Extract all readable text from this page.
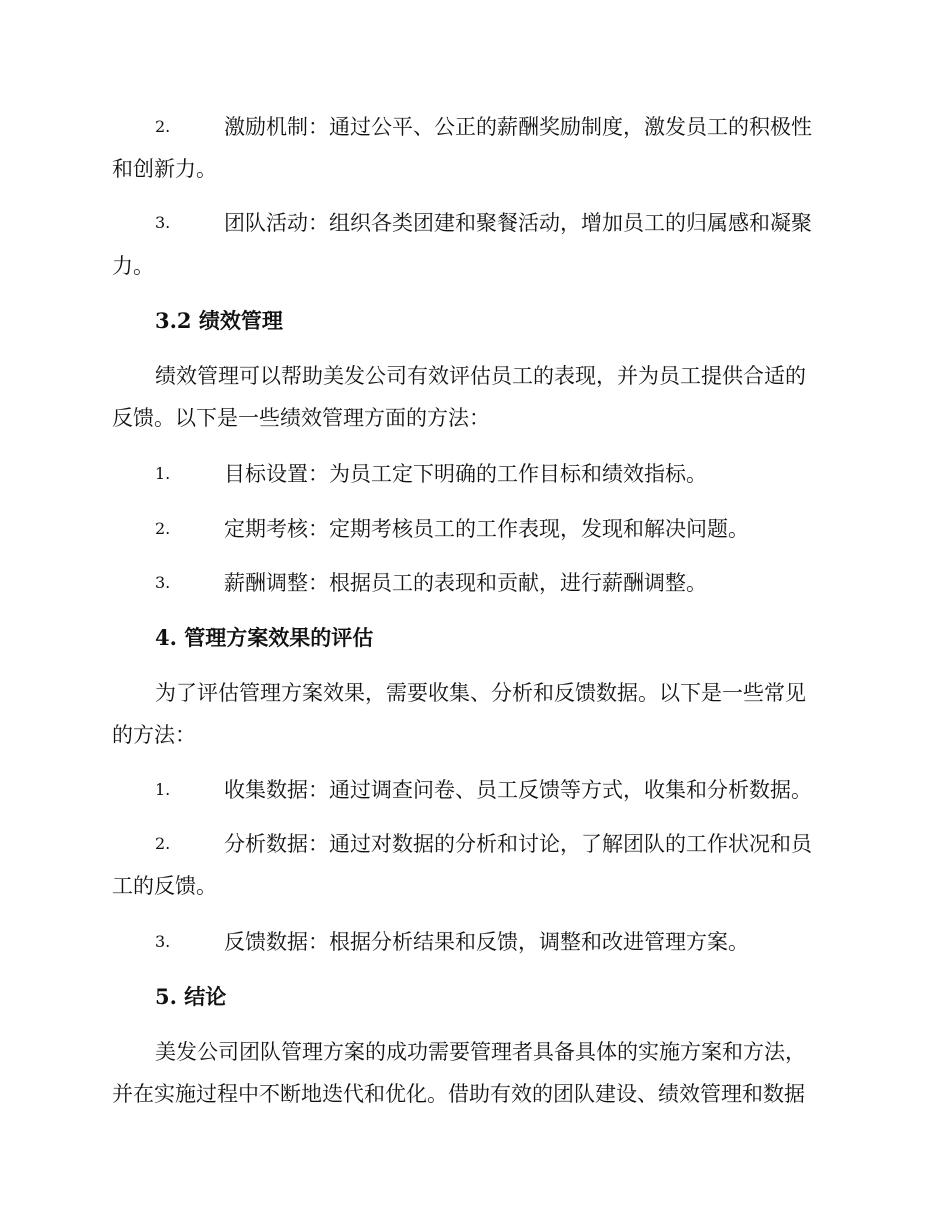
2.	激励机制：通过公平、公正的薪酬奖励制度，激发员工的积极性
和创新力。
3.	团队活动：组织各类团建和聚餐活动，增加员工的归属感和凝聚
力。
3.2 绩效管理
绩效管理可以帮助美发公司有效评估员工的表现，并为员工提供合适的
反馈。以下是一些绩效管理方面的方法：
1.	目标设置：为员工定下明确的工作目标和绩效指标。
2.	定期考核：定期考核员工的工作表现，发现和解决问题。
3.	薪酬调整：根据员工的表现和贡献，进行薪酬调整。
4. 管理方案效果的评估
为了评估管理方案效果，需要收集、分析和反馈数据。以下是一些常见
的方法：
1.	收集数据：通过调查问卷、员工反馈等方式，收集和分析数据。
2.	分析数据：通过对数据的分析和讨论，了解团队的工作状况和员
工的反馈。
3.	反馈数据：根据分析结果和反馈，调整和改进管理方案。
5. 结论
美发公司团队管理方案的成功需要管理者具备具体的实施方案和方法，
并在实施过程中不断地迭代和优化。借助有效的团队建设、绩效管理和数据
